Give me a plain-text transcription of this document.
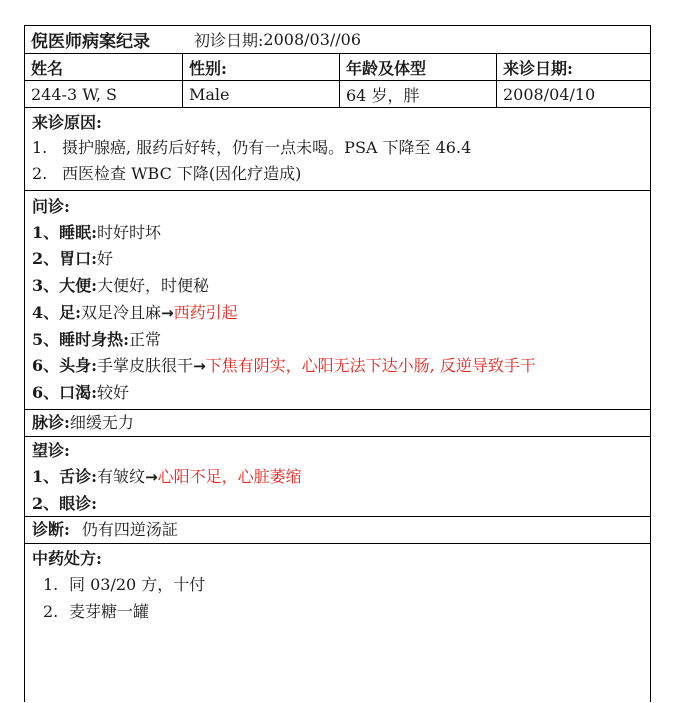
倪医师病案纪录	初诊日期: 2008/03//06
姓名	性别:	年龄及体型	来诊日期:
244-3 W, S	Male	64 岁，胖	2008/04/10
来诊原因:
1. 摄护腺癌, 服药后好转，仍有一点未喝。PSA 下降至 46.4
2. 西医检查 WBC 下降(因化疗造成)
问诊:
1、睡眠:时好时坏
2、胃口:好
3、大便:大便好，时便秘
4、足:双足冷且麻→西药引起
5、睡时身热:正常
6、头身:手掌皮肤很干→下焦有阴实，心阳无法下达小肠, 反逆导致手干
6、口渴:较好
脉诊:细缓无力
望诊:
1、舌诊:有皱纹→心阳不足，心脏萎缩
2、眼诊:
诊断: 仍有四逆汤証
中药处方:
1. 同 03/20 方，十付
2. 麦芽糖一罐
